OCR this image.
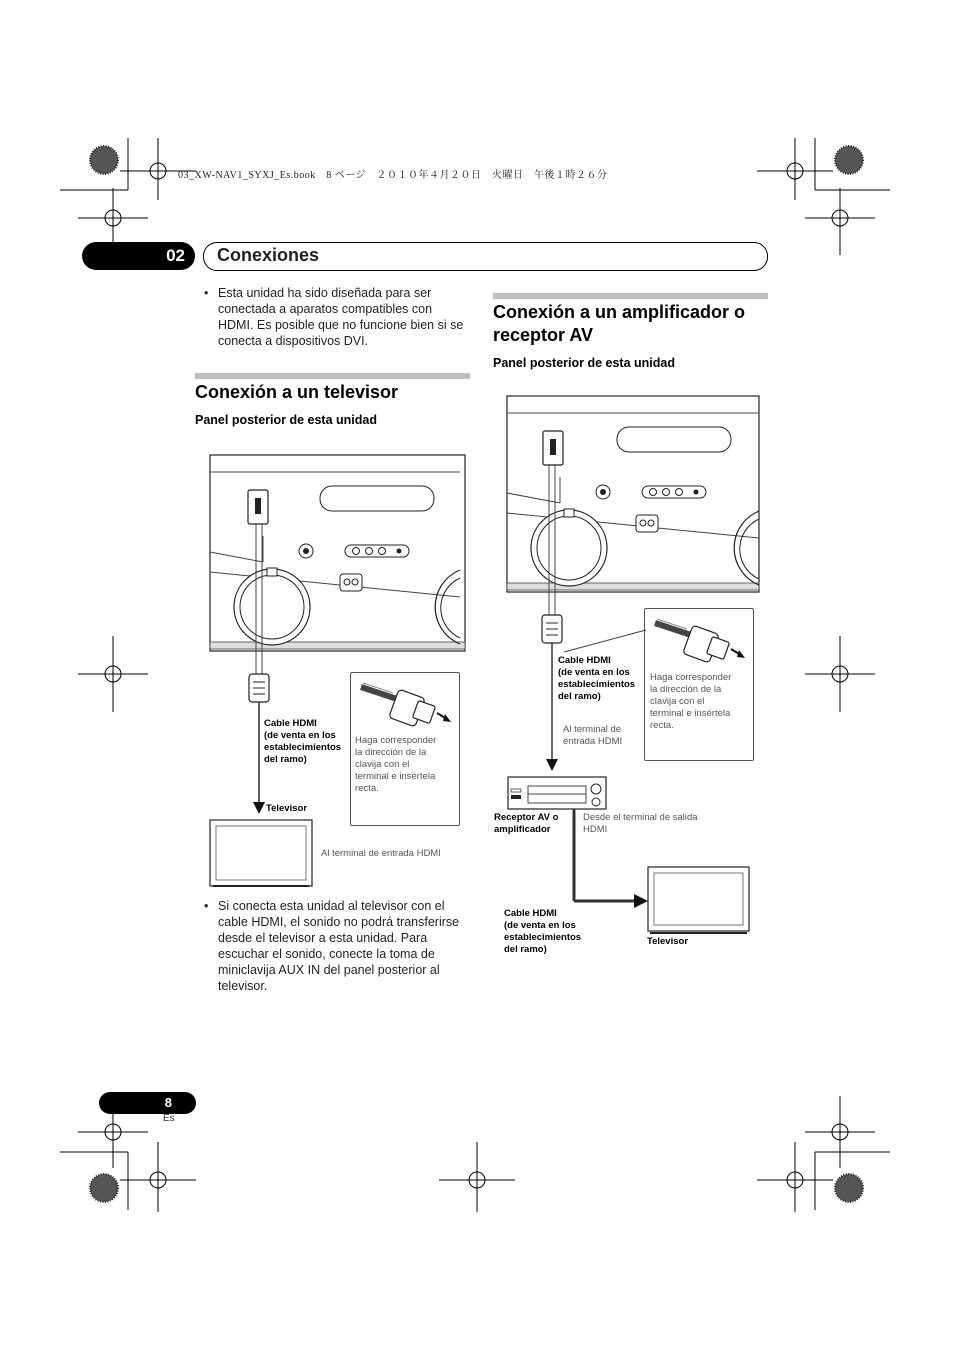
03_XW-NAV1_SYXJ_Es.book　8 ページ　２０１０年４月２０日　火曜日　午後１時２６分
02 Conexiones
• Esta unidad ha sido diseñada para ser conectada a aparatos compatibles con HDMI. Es posible que no funcione bien si se conecta a dispositivos DVI.
Conexión a un televisor
Panel posterior de esta unidad
Haga corresponder
la dirección de la
clavija con el
terminal e insértela
recta.
Cable HDMI
(de venta en los
establecimientos
del ramo)
Televisor
Al terminal de entrada HDMI
• Si conecta esta unidad al televisor con el cable HDMI, el sonido no podrá transferirse desde el televisor a esta unidad. Para escuchar el sonido, conecte la toma de miniclavija AUX IN del panel posterior al televisor.
Conexión a un amplificador o
receptor AV
Panel posterior de esta unidad
Haga corresponder
la dirección de la
clavija con el
terminal e insértela
recta.
Cable HDMI
(de venta en los
establecimientos
del ramo)
Al terminal de
entrada HDMI
Receptor AV o
amplificador
Desde el terminal de salida
HDMI
Cable HDMI
(de venta en los
establecimientos
del ramo)
Televisor
8
Es
